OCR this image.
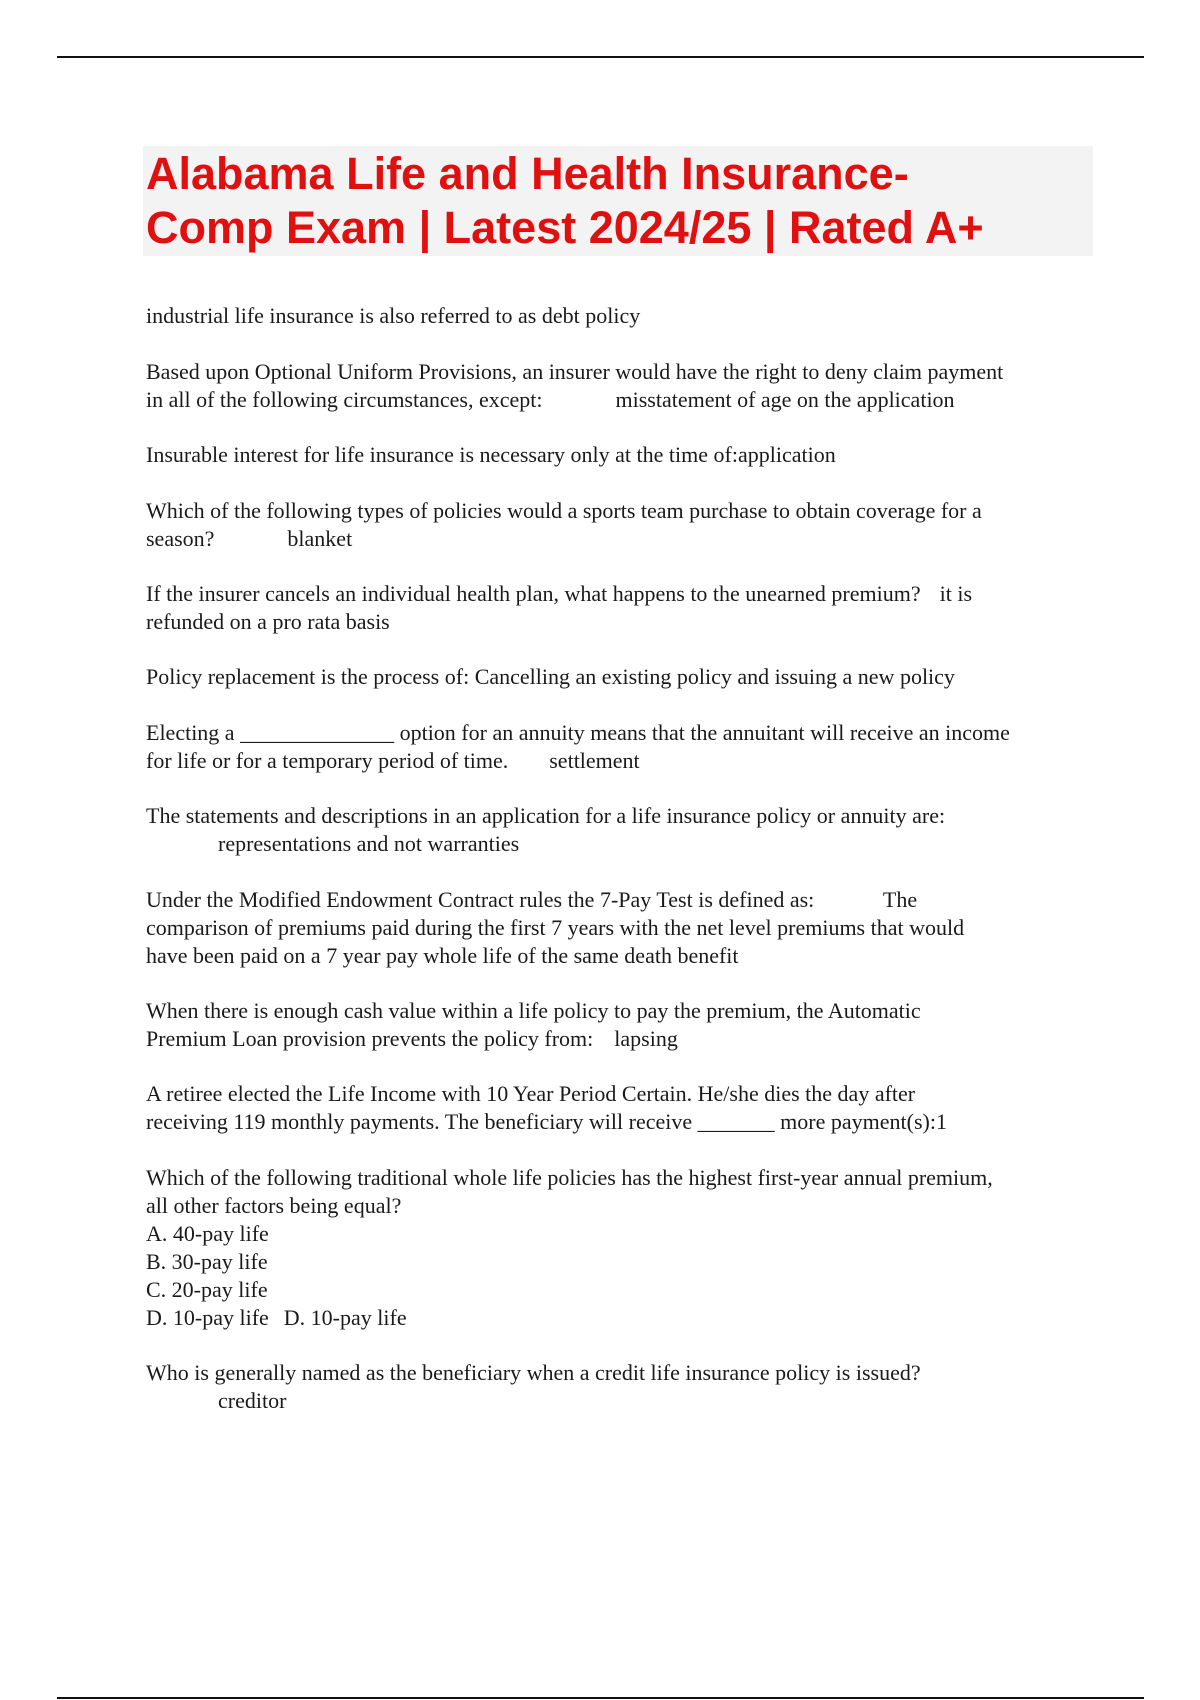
Alabama Life and Health Insurance-
Comp Exam | Latest 2024/25 | Rated A+
industrial life insurance is also referred to as debt policy
Based upon Optional Uniform Provisions, an insurer would have the right to deny claim payment
in all of the following circumstances, except:	misstatement of age on the application
Insurable interest for life insurance is necessary only at the time of:application
Which of the following types of policies would a sports team purchase to obtain coverage for a
season?	blanket
If the insurer cancels an individual health plan, what happens to the unearned premium? it is
refunded on a pro rata basis
Policy replacement is the process of: Cancelling an existing policy and issuing a new policy
Electing a ______________ option for an annuity means that the annuitant will receive an income
for life or for a temporary period of time. settlement
The statements and descriptions in an application for a life insurance policy or annuity are:
representations and not warranties
Under the Modified Endowment Contract rules the 7-Pay Test is defined as:	The
comparison of premiums paid during the first 7 years with the net level premiums that would
have been paid on a 7 year pay whole life of the same death benefit
When there is enough cash value within a life policy to pay the premium, the Automatic
Premium Loan provision prevents the policy from: lapsing
A retiree elected the Life Income with 10 Year Period Certain. He/she dies the day after
receiving 119 monthly payments. The beneficiary will receive _______ more payment(s):1
Which of the following traditional whole life policies has the highest first-year annual premium,
all other factors being equal?
A. 40-pay life
B. 30-pay life
C. 20-pay life
D. 10-pay life D. 10-pay life
Who is generally named as the beneficiary when a credit life insurance policy is issued?
creditor
